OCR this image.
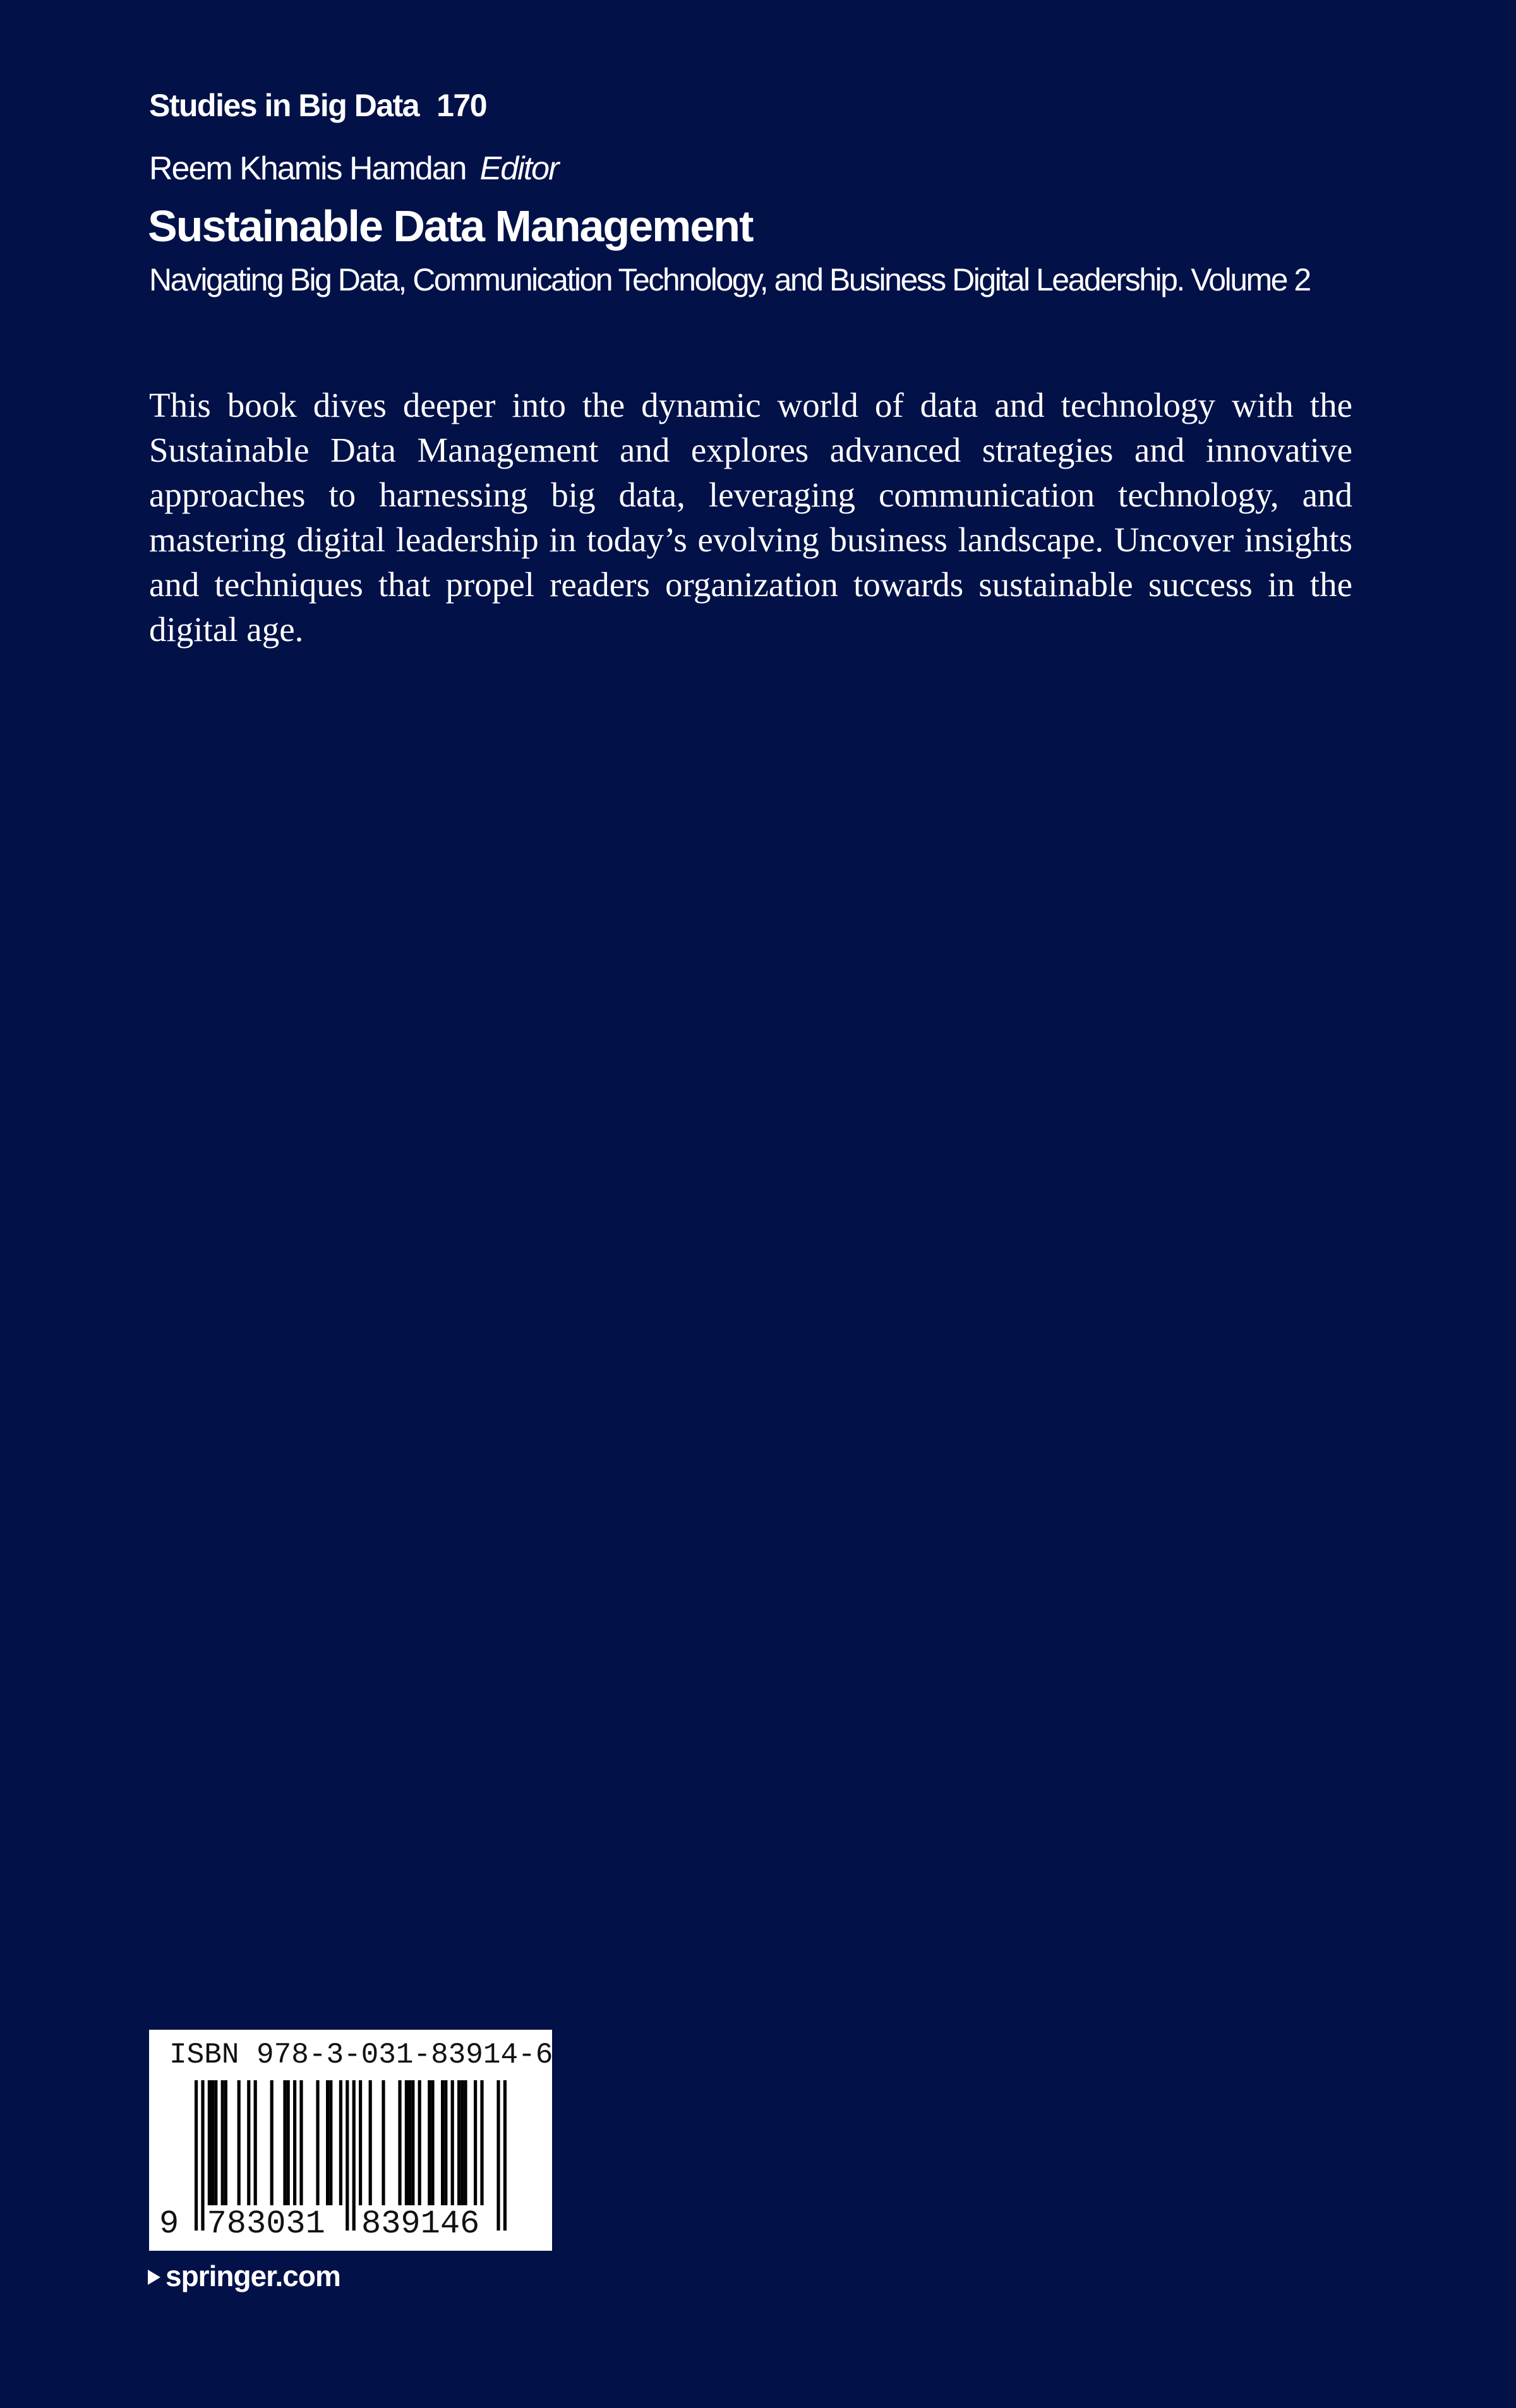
Studies in Big Data 170
Reem Khamis Hamdan Editor
Sustainable Data Management
Navigating Big Data, Communication Technology, and Business Digital Leadership. Volume 2
This book dives deeper into the dynamic world of data and technology with the Sustainable Data Management and explores advanced strategies and innovative approaches to harnessing big data, leveraging communication technology, and mastering digital leadership in today’s evolving business landscape. Uncover insights and techniques that propel readers organization towards sustainable success in the digital age.
ISBN 978-3-031-83914-6
9 783031 839146
springer.com
